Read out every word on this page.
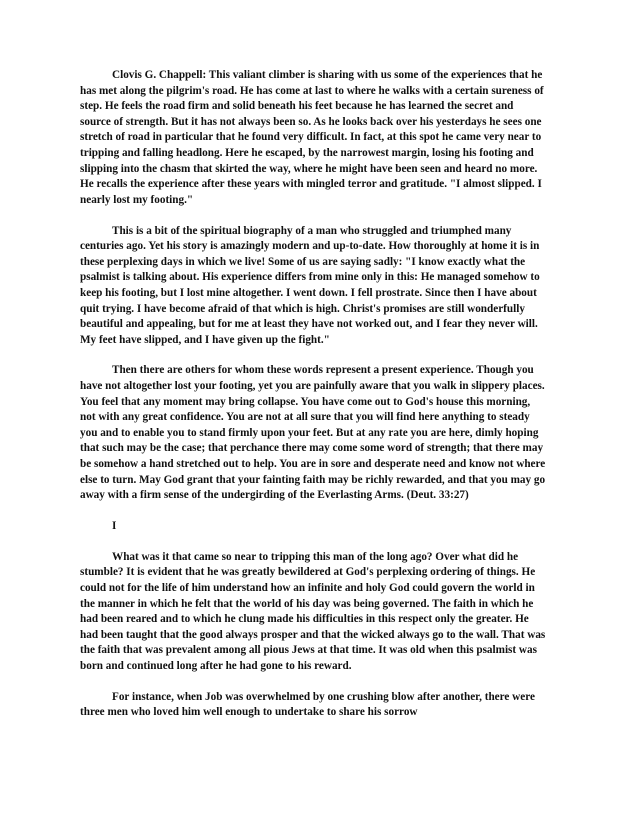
Clovis G. Chappell: This valiant climber is sharing with us some of the experiences that he has met along the pilgrim's road. He has come at last to where he walks with a certain sureness of step. He feels the road firm and solid beneath his feet because he has learned the secret and source of strength. But it has not always been so. As he looks back over his yesterdays he sees one stretch of road in particular that he found very difficult. In fact, at this spot he came very near to tripping and falling headlong. Here he escaped, by the narrowest margin, losing his footing and slipping into the chasm that skirted the way, where he might have been seen and heard no more. He recalls the experience after these years with mingled terror and gratitude. "I almost slipped. I nearly lost my footing."

This is a bit of the spiritual biography of a man who struggled and triumphed many centuries ago. Yet his story is amazingly modern and up-to-date. How thoroughly at home it is in these perplexing days in which we live! Some of us are saying sadly: "I know exactly what the psalmist is talking about. His experience differs from mine only in this: He managed somehow to keep his footing, but I lost mine altogether. I went down. I fell prostrate. Since then I have about quit trying. I have become afraid of that which is high. Christ's promises are still wonderfully beautiful and appealing, but for me at least they have not worked out, and I fear they never will. My feet have slipped, and I have given up the fight."

Then there are others for whom these words represent a present experience. Though you have not altogether lost your footing, yet you are painfully aware that you walk in slippery places. You feel that any moment may bring collapse. You have come out to God's house this morning, not with any great confidence. You are not at all sure that you will find here anything to steady you and to enable you to stand firmly upon your feet. But at any rate you are here, dimly hoping that such may be the case; that perchance there may come some word of strength; that there may be somehow a hand stretched out to help. You are in sore and desperate need and know not where else to turn. May God grant that your fainting faith may be richly rewarded, and that you may go away with a firm sense of the undergirding of the Everlasting Arms. (Deut. 33:27)

I

What was it that came so near to tripping this man of the long ago? Over what did he stumble? It is evident that he was greatly bewildered at God's perplexing ordering of things. He could not for the life of him understand how an infinite and holy God could govern the world in the manner in which he felt that the world of his day was being governed. The faith in which he had been reared and to which he clung made his difficulties in this respect only the greater. He had been taught that the good always prosper and that the wicked always go to the wall. That was the faith that was prevalent among all pious Jews at that time. It was old when this psalmist was born and continued long after he had gone to his reward.

For instance, when Job was overwhelmed by one crushing blow after another, there were three men who loved him well enough to undertake to share his sorrow
